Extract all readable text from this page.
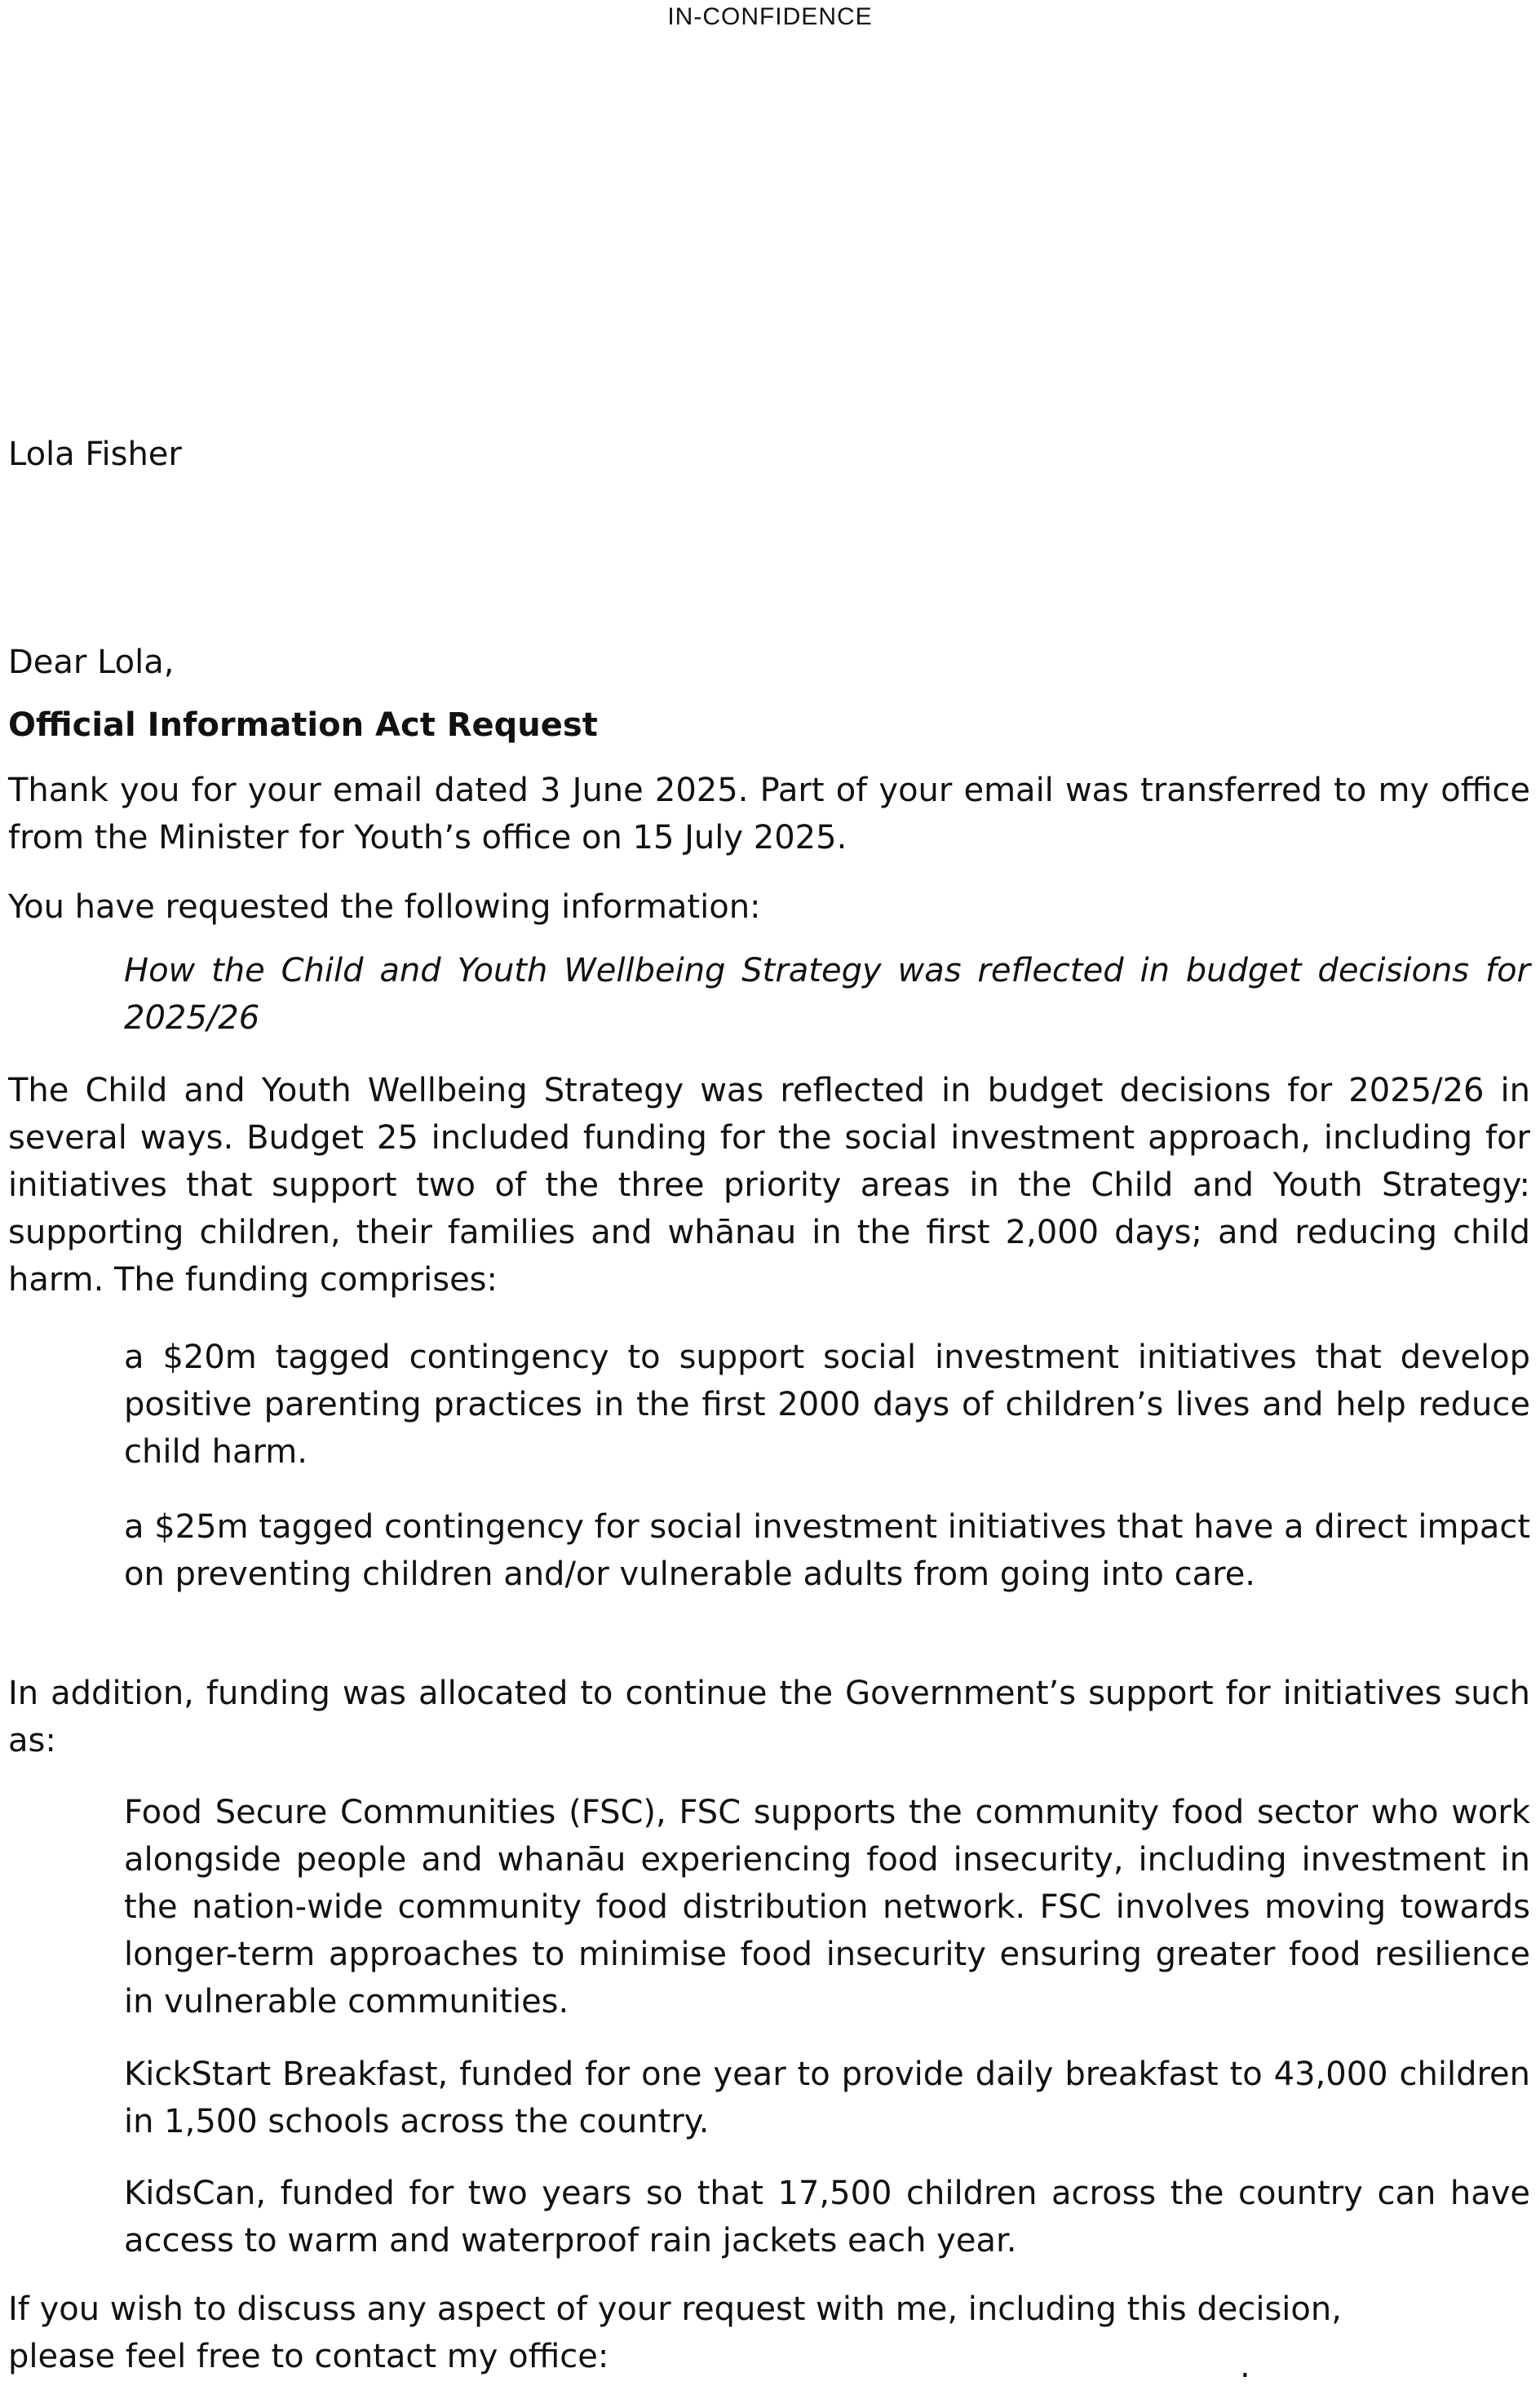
IN-CONFIDENCE

Lola Fisher

Dear Lola,

Official Information Act Request

Thank you for your email dated 3 June 2025. Part of your email was transferred to my office from the Minister for Youth’s office on 15 July 2025.

You have requested the following information:

How the Child and Youth Wellbeing Strategy was reflected in budget decisions for 2025/26

The Child and Youth Wellbeing Strategy was reflected in budget decisions for 2025/26 in several ways. Budget 25 included funding for the social investment approach, including for initiatives that support two of the three priority areas in the Child and Youth Strategy: supporting children, their families and whānau in the first 2,000 days; and reducing child harm. The funding comprises:

a $20m tagged contingency to support social investment initiatives that develop positive parenting practices in the first 2000 days of children’s lives and help reduce child harm.

a $25m tagged contingency for social investment initiatives that have a direct impact on preventing children and/or vulnerable adults from going into care.

In addition, funding was allocated to continue the Government’s support for initiatives such as:

Food Secure Communities (FSC), FSC supports the community food sector who work alongside people and whanāu experiencing food insecurity, including investment in the nation-wide community food distribution network. FSC involves moving towards longer-term approaches to minimise food insecurity ensuring greater food resilience in vulnerable communities.

KickStart Breakfast, funded for one year to provide daily breakfast to 43,000 children in 1,500 schools across the country.

KidsCan, funded for two years so that 17,500 children across the country can have access to warm and waterproof rain jackets each year.

If you wish to discuss any aspect of your request with me, including this decision,
please feel free to contact my office:	.
